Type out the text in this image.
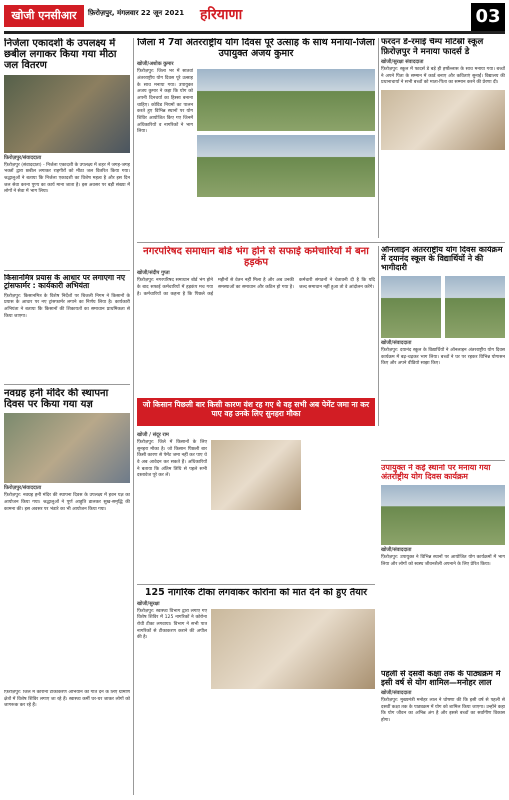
खोजी एनसीआर	फ़िरोज़पुर, मंगलवार 22 जून 2021 हरियाणा	03
निर्जला एकादशी के उपलक्ष्य में छबील लगाकर किया गया मीठा जल वितरण
फ़िरोज़पुर/संवाददाता
फ़िरोज़पुर (संवाददाता) - निर्जला एकादशी के उपलक्ष्य में शहर में जगह-जगह भक्तों द्वारा छबील लगाकर राहगीरों को मीठा जल वितरित किया गया। श्रद्धालुओं ने बताया कि निर्जला एकादशी का विशेष महत्व है और इस दिन जल सेवा करना पुण्य का कार्य माना जाता है। इस अवसर पर बड़ी संख्या में लोगों ने सेवा में भाग लिया।
किसानमित्र प्रयास के आधार पर लगाएगा नए ट्रांसफार्मर : कार्यकारी अभियंता
फ़िरोज़पुर: किसानमित्र के विशेष निर्देशों पर बिजली निगम ने किसानों के प्रयास के आधार पर नए ट्रांसफार्मर लगाने का निर्णय लिया है। कार्यकारी अभियंता ने बताया कि किसानों की शिकायतों का समाधान प्राथमिकता से किया जाएगा।
नवग्रह हनी मंदिर की स्थापना दिवस पर किया गया यज्ञ
फ़िरोज़पुर/संवाददाता
फ़िरोज़पुर: नवग्रह हनी मंदिर की स्थापना दिवस के उपलक्ष्य में हवन यज्ञ का आयोजन किया गया। श्रद्धालुओं ने पूर्ण आहुति डालकर सुख-समृद्धि की कामना की। इस अवसर पर भंडारे का भी आयोजन किया गया।
फ़िरोज़पुर: जिले में कोरोना टीकाकरण अभियान को गति देने के लिए ग्रामीण क्षेत्रों में विशेष शिविर लगाए जा रहे हैं। स्वास्थ्य कर्मी घर-घर जाकर लोगों को जागरूक कर रहे हैं।
जिला में 7वां अंतरराष्ट्रीय योग दिवस पूरे उत्साह के साथ मनाया-जिला उपायुक्त अजय कुमार
खोजी/अशोक कुमार
फ़िरोज़पुर: जिला भर में सातवां अंतरराष्ट्रीय योग दिवस पूरे उत्साह के साथ मनाया गया। उपायुक्त अजय कुमार ने कहा कि योग को अपनी दिनचर्या का हिस्सा बनाना चाहिए। कोविड नियमों का पालन करते हुए विभिन्न स्थानों पर योग शिविर आयोजित किए गए जिनमें अधिकारियों व नागरिकों ने भाग लिया।
फरदन डे-रमाई चैम्प मोटेस्री स्कूल फ़िरोज़पुर ने मनाया फादर्स डे
खोजी/सुरक्षा संवाददाता
फ़िरोज़पुर: स्कूल में फादर्स डे बड़े ही हर्षोल्लास के साथ मनाया गया। बच्चों ने अपने पिता के सम्मान में कार्ड बनाए और कविताएं सुनाईं। विद्यालय की प्रधानाचार्या ने सभी बच्चों को माता-पिता का सम्मान करने की प्रेरणा दी।
नगरपरिषद समाधान बोर्ड भंग होने से सफाई कर्मचारियों में बना हड़कंप
खोजी/संदीप गुप्ता
फ़िरोज़पुर: नगरपरिषद समाधान बोर्ड भंग होने के बाद सफाई कर्मचारियों में हड़कंप मच गया है। कर्मचारियों का कहना है कि पिछले कई महीनों से वेतन नहीं मिला है और अब उनकी समस्याओं का समाधान और कठिन हो गया है। कर्मचारी संगठनों ने चेतावनी दी है कि यदि जल्द समाधान नहीं हुआ तो वे आंदोलन करेंगे।
ऑनलाइन अंतरराष्ट्रीय योग दिवस कार्यक्रम में दयानंद स्कूल के विद्यार्थियों ने की भागीदारी
खोजी/संवाददाता
फ़िरोज़पुर: दयानंद स्कूल के विद्यार्थियों ने ऑनलाइन अंतरराष्ट्रीय योग दिवस कार्यक्रम में बढ़-चढ़कर भाग लिया। बच्चों ने घर पर रहकर विभिन्न योगासन किए और अपने वीडियो साझा किए।
जो किसान पिछली बार किसी कारण वंश रह गए थे वह सभी अब पेमेंट जमा ना कर पाए वह उनके लिए सुनहरा मौका
खोजी / संदूर राम
फ़िरोज़पुर: जिले में किसानों के लिए सुनहरा मौका है। जो किसान पिछली बार किसी कारण से पेमेंट जमा नहीं कर पाए थे वे अब आवेदन कर सकते हैं। अधिकारियों ने बताया कि अंतिम तिथि से पहले सभी दस्तावेज पूरे कर लें।
उपायुक्त ने कई स्थानों पर मनाया गया अंतर्राष्ट्रीय योग दिवस कार्यक्रम
खोजी/संवाददाता
फ़िरोज़पुर: उपायुक्त ने विभिन्न स्थानों पर आयोजित योग कार्यक्रमों में भाग लिया और लोगों को स्वस्थ जीवनशैली अपनाने के लिए प्रेरित किया।
125 नागरिक टीका लगवाकर कोरोना को मात देने को हुए तैयार
खोजी/सुरक्षा
फ़िरोज़पुर: स्वास्थ्य विभाग द्वारा लगाए गए विशेष शिविर में 125 नागरिकों ने कोरोना रोधी टीका लगवाया। विभाग ने सभी पात्र नागरिकों से टीकाकरण कराने की अपील की है।
पहली से दसवीं कक्षा तक के पाठ्यक्रम में इसी वर्ष से योग शामिल—मनोहर लाल
खोजी/संवाददाता
फ़िरोज़पुर: मुख्यमंत्री मनोहर लाल ने घोषणा की कि इसी वर्ष से पहली से दसवीं कक्षा तक के पाठ्यक्रम में योग को शामिल किया जाएगा। उन्होंने कहा कि योग जीवन का अभिन्न अंग है और इससे बच्चों का सर्वांगीण विकास होगा।
